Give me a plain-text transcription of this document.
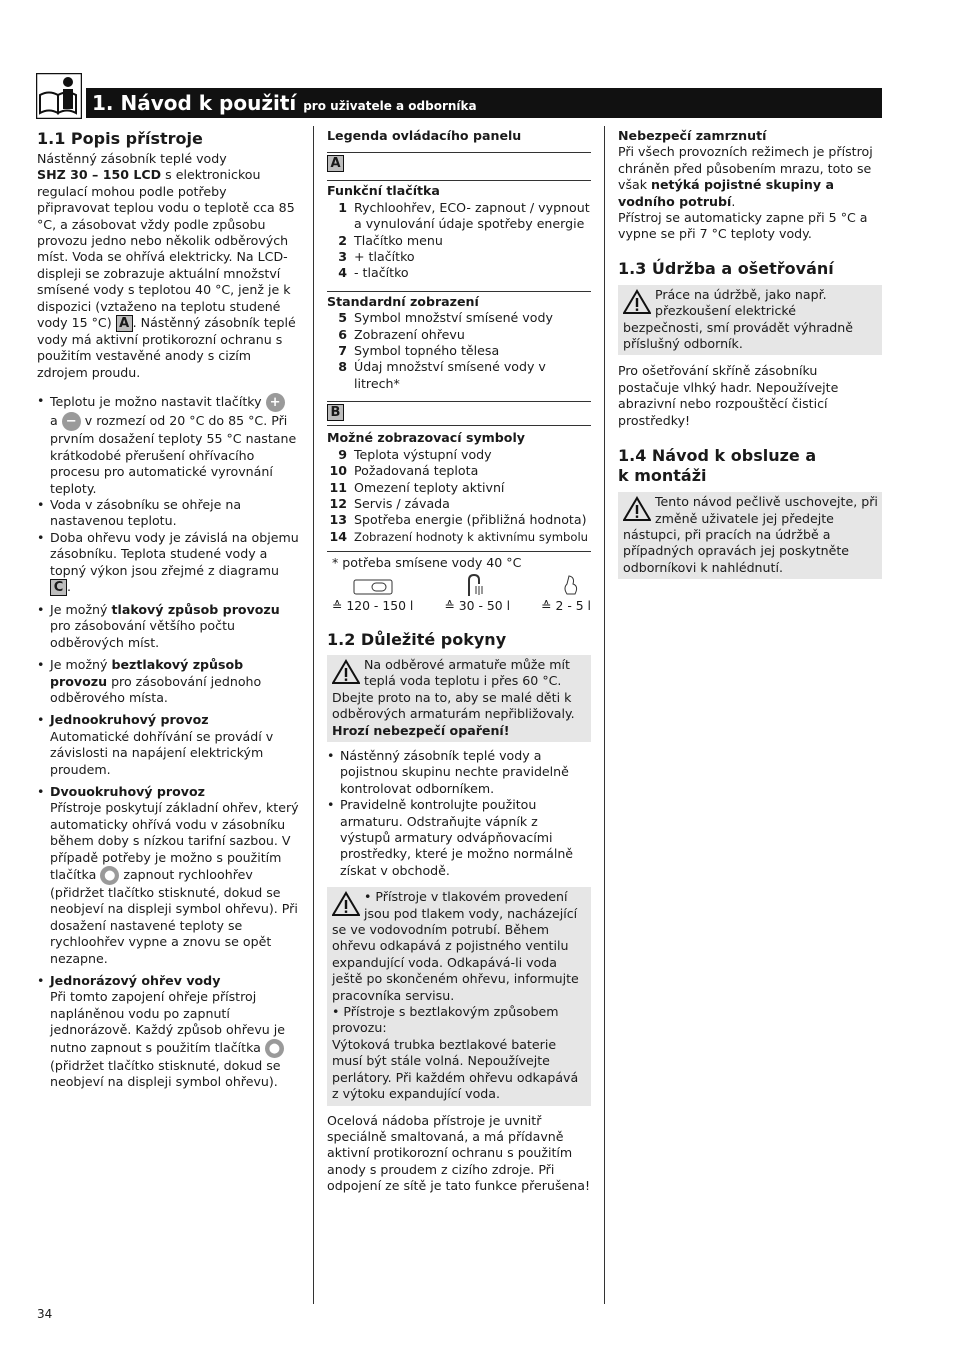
1. Návod k použití pro uživatele a odborníka
1.1 Popis přístroje

Nástěnný zásobník teplé vody
SHZ 30 – 150 LCD s elektronickou regulací mohou podle potřeby připravovat teplou vodu o teplotě cca 85 °C, a zásobovat vždy podle způsobu provozu jedno nebo několik odběrových míst. Voda se ohřívá elektricky. Na LCD-displeji se zobrazuje aktuální množství smísené vody s teplotou 40 °C, jenž je k dispozici (vztaženo na teplotu studené vody 15 °C) A . Nástěnný zásobník teplé vody má aktivní protikorozní ochranu s použitím vestavěné anody s cizím zdrojem proudu.

• Teplotu je možno nastavit tlačítky +
a − v rozmezí od 20 °C do 85 °C. Při prvním dosažení teploty 55 °C nastane krátkodobé přerušení ohřívacího procesu pro automatické vyrovnání teploty.
• Voda v zásobníku se ohřeje na nastavenou teplotu.
• Doba ohřevu vody je závislá na objemu zásobníku. Teplota studené vody a topný výkon jsou zřejmé z diagramu C .
• Je možný tlakový způsob provozu pro zásobování většího počtu odběrových míst.
• Je možný beztlakový způsob provozu pro zásobování jednoho odběrového místa.
• Jednookruhový provoz
Automatické dohřívání se provádí v závislosti na napájení elektrickým proudem.
• Dvouokruhový provoz
Přístroje poskytují základní ohřev, který automaticky ohřívá vodu v zásobníku během doby s nízkou tarifní sazbou. V případě potřeby je možno s použitím tlačítka ● zapnout rychloohřev (přidržet tlačítko stisknuté, dokud se neobjeví na displeji symbol ohřevu). Při dosažení nastavené teploty se rychloohřev vypne a znovu se opět nezapne.
• Jednorázový ohřev vody
Při tomto zapojení ohřeje přístroj napláněnou vodu po zapnutí jednorázově. Každý způsob ohřevu je nutno zapnout s použitím tlačítka ● (přidržet tlačítko stisknuté, dokud se neobjeví na displeji symbol ohřevu).

Legenda ovládacího panelu

A

Funkční tlačítka

1 Rychloohřev, ECO- zapnout / vypnout a vynulování údaje spotřeby energie
2 Tlačítko menu
3 + tlačítko
4 - tlačítko

Standardní zobrazení

5 Symbol množství smísené vody
6 Zobrazení ohřevu
7 Symbol topného tělesa
8 Údaj množství smísené vody v litrech*
B

Možné zobrazovací symboly

9 Teplota výstupní vody
10 Požadovaná teplota
11 Omezení teploty aktivní
12 Servis / závada
13 Spotřeba energie (přibližná hodnota)
14 Zobrazení hodnoty k aktivnímu symbolu

* potřeba smísene vody 40 °C

≙ 120 - 150 l	≙ 30 - 50 l	≙ 2 - 5 l
1.2 Důležité pokyny
Na odběrové armatuře může mít teplá voda teplotu i přes 60 °C. Dbejte proto na to, aby se malé děti k odběrových armaturám nepřibližovaly.
Hrozí nebezpečí opaření!
• Nástěnný zásobník teplé vody a pojistnou skupinu nechte pravidelně kontrolovat odborníkem.
• Pravidelně kontrolujte použitou armaturu. Odstraňujte vápník z výstupů armatury odvápňovacími prostředky, které je možno normálně získat v obchodě.

• Přístroje v tlakovém provedení jsou pod tlakem vody, nacházející se ve vodovodním potrubí. Během ohřevu odkapává z pojistného ventilu expandující voda. Odkapává-li voda ještě po skončeném ohřevu, informujte pracovníka servisu.

• Přístroje s beztlakovým způsobem provozu:

Výtoková trubka beztlakové baterie musí být stále volná. Nepoužívejte perlátory. Při každém ohřevu odkapává z výtoku expandující voda.

Ocelová nádoba přístroje je uvnitř speciálně smaltovaná, a má přídavně aktivní protikorozní ochranu s použitím anody s proudem z cizího zdroje. Při odpojení ze sítě je tato funkce přerušena!

Nebezpečí zamrznutí

Při všech provozních režimech je přístroj chráněn před působením mrazu, toto se však netýká pojistné skupiny a vodního potrubí.

Přístroj se automaticky zapne při 5 °C a vypne se při 7 °C teploty vody.

1.3 Údržba a ošetřování
Práce na údržbě, jako např. přezkoušení elektrické bezpečnosti, smí provádět výhradně příslušný odborník.

Pro ošetřování skříně zásobníku postačuje vlhký hadr. Nepoužívejte abrazivní nebo rozpouštěcí čisticí prostředky!

1.4 Návod k obsluze a
k montáži
Tento návod pečlivě uschovejte, při změně uživatele jej předejte nástupci, při pracích na údržbě a případných opravách jej poskytněte odborníkovi k nahlédnutí.
34
